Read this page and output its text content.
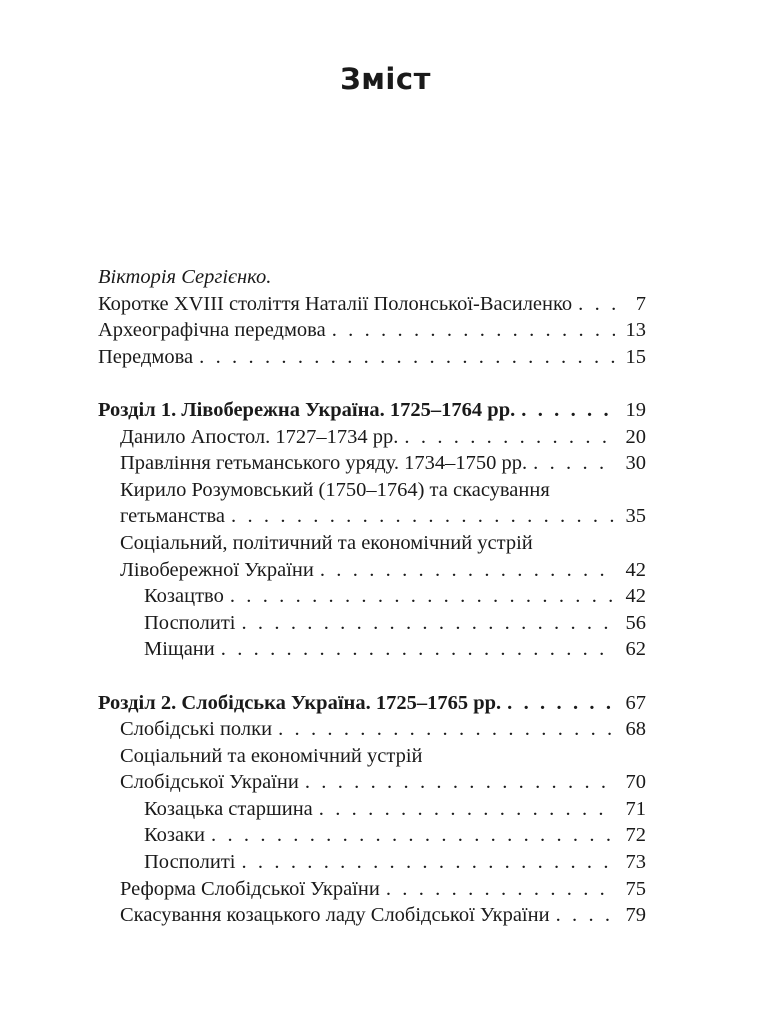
Зміст
Вікторія Сергієнко.
Коротке XVIII століття Наталії Полонської-Василенко . . .	7
Археографічна передмова . . .	13
Передмова . . .	15
Розділ 1. Лівобережна Україна. 1725–1764 рр. . . .	19
Данило Апостол. 1727–1734 рр. . . .	20
Правління гетьманського уряду. 1734–1750 рр. . . .	30
Кирило Розумовський (1750–1764) та скасування
гетьманства . . .	35
Соціальний, політичний та економічний устрій
Лівобережної України . . .	42
Козацтво . . .	42
Посполиті . . .	56
Міщани . . .	62
Розділ 2. Слобідська Україна. 1725–1765 рр. . . .	67
Слобідські полки . . .	68
Соціальний та економічний устрій
Слобідської України . . .	70
Козацька старшина . . .	71
Козаки . . .	72
Посполиті . . .	73
Реформа Слобідської України . . .	75
Скасування козацького ладу Слобідської України . . .	79
